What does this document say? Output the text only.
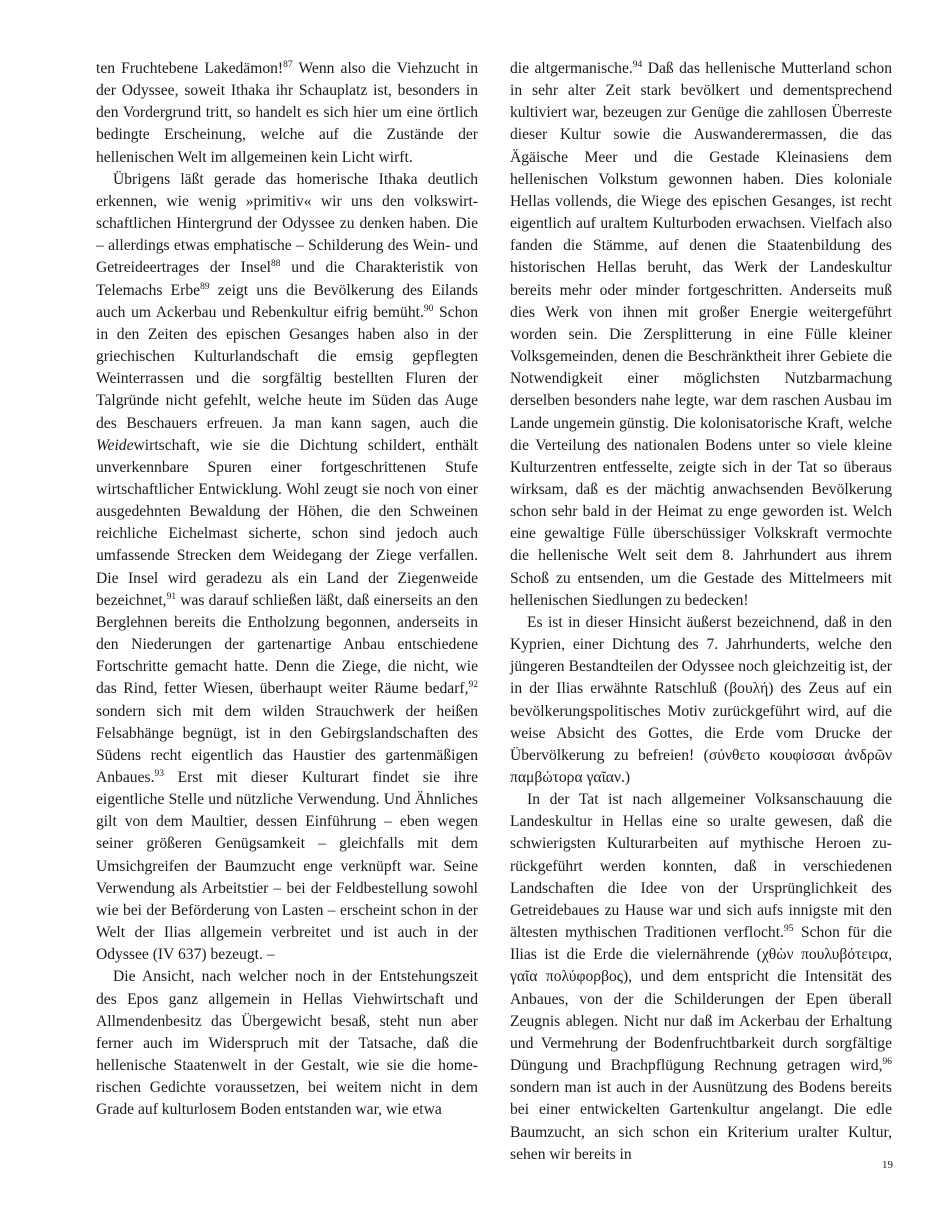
ten Fruchtebene Lakedämon!$^{87}$ Wenn also die Viehzucht in der Odyssee, soweit Ithaka ihr Schauplatz ist, besonders in den Vordergrund tritt, so handelt es sich hier um eine örtlich bedingte Erscheinung, welche auf die Zustände der hellenischen Welt im allgemeinen kein Licht wirft.

Übrigens läßt gerade das homerische Ithaka deutlich erkennen, wie wenig »primitiv« wir uns den volkswirtschaftlichen Hintergrund der Odyssee zu denken haben. Die – allerdings etwas emphatische – Schilderung des Wein- und Getreideertrages der Insel$^{88}$ und die Charakteristik von Telemachs Erbe$^{89}$ zeigt uns die Bevölkerung des Eilands auch um Ackerbau und Rebenkultur eifrig bemüht.$^{90}$ Schon in den Zeiten des epischen Gesanges haben also in der griechischen Kulturlandschaft die emsig gepflegten Weinterrassen und die sorgfältig bestellten Fluren der Talgründe nicht gefehlt, welche heute im Süden das Auge des Beschauers erfreuen. Ja man kann sagen, auch die Weidewirtschaft, wie sie die Dichtung schildert, enthält unverkennbare Spuren einer fortgeschrittenen Stufe wirtschaftlicher Entwicklung. Wohl zeugt sie noch von einer ausgedehnten Bewaldung der Höhen, die den Schweinen reichliche Eichelmast sicherte, schon sind jedoch auch umfassende Strecken dem Weidegang der Ziege verfallen. Die Insel wird geradezu als ein Land der Ziegenweide bezeichnet,$^{91}$ was darauf schließen läßt, daß einerseits an den Berglehnen bereits die Entholzung begonnen, anderseits in den Niederungen der gartenartige Anbau entschiedene Fortschritte gemacht hatte. Denn die Ziege, die nicht, wie das Rind, fetter Wiesen, überhaupt weiter Räume bedarf,$^{92}$ sondern sich mit dem wilden Strauchwerk der heißen Felsabhänge begnügt, ist in den Gebirgslandschaften des Südens recht eigentlich das Haustier des gartenmäßigen Anbaues.$^{93}$ Erst mit dieser Kulturart findet sie ihre eigentliche Stelle und nützliche Verwendung. Und Ähnliches gilt von dem Maultier, dessen Einführung – eben wegen seiner größeren Genügsamkeit – gleichfalls mit dem Umsichgreifen der Baumzucht enge verknüpft war. Seine Verwendung als Arbeitstier – bei der Feldbestellung sowohl wie bei der Beförderung von Lasten – erscheint schon in der Welt der Ilias allgemein verbreitet und ist auch in der Odyssee (IV 637) bezeugt. –

Die Ansicht, nach welcher noch in der Entstehungszeit des Epos ganz allgemein in Hellas Viehwirtschaft und Allmendenbesitz das Übergewicht besaß, steht nun aber ferner auch im Widerspruch mit der Tatsache, daß die hellenische Staatenwelt in der Gestalt, wie sie die homerischen Gedichte voraussetzen, bei weitem nicht in dem Grade auf kulturlosem Boden entstanden war, wie etwa

die altgermanische.$^{94}$ Daß das hellenische Mutterland schon in sehr alter Zeit stark bevölkert und dementsprechend kultiviert war, bezeugen zur Genüge die zahllosen Überreste dieser Kultur sowie die Auswanderermassen, die das Ägäische Meer und die Gestade Kleinasiens dem hellenischen Volkstum gewonnen haben. Dies koloniale Hellas vollends, die Wiege des epischen Gesanges, ist recht eigentlich auf uraltem Kulturboden erwachsen. Vielfach also fanden die Stämme, auf denen die Staatenbildung des historischen Hellas beruht, das Werk der Landeskultur bereits mehr oder minder fortgeschritten. Anderseits muß dies Werk von ihnen mit großer Energie weitergeführt worden sein. Die Zersplitterung in eine Fülle kleiner Volksgemeinden, denen die Beschränktheit ihrer Gebiete die Notwendigkeit einer möglichsten Nutzbarmachung derselben besonders nahe legte, war dem raschen Ausbau im Lande ungemein günstig. Die kolonisatorische Kraft, welche die Verteilung des nationalen Bodens unter so viele kleine Kulturzentren entfesselte, zeigte sich in der Tat so überaus wirksam, daß es der mächtig anwachsenden Bevölkerung schon sehr bald in der Heimat zu enge geworden ist. Welch eine gewaltige Fülle überschüssiger Volkskraft vermochte die hellenische Welt seit dem 8. Jahrhundert aus ihrem Schoß zu entsenden, um die Gestade des Mittelmeers mit hellenischen Siedlungen zu bedecken!

Es ist in dieser Hinsicht äußerst bezeichnend, daß in den Kyprien, einer Dichtung des 7. Jahrhunderts, welche den jüngeren Bestandteilen der Odyssee noch gleichzeitig ist, der in der Ilias erwähnte Ratschluß (βουλή) des Zeus auf ein bevölkerungspolitisches Motiv zurückgeführt wird, auf die weise Absicht des Gottes, die Erde vom Drucke der Übervölkerung zu befreien! (σύνθετο κουφίσσαι ἀνδρῶν παμβώτορα γαῖαν.)

In der Tat ist nach allgemeiner Volksanschauung die Landeskultur in Hellas eine so uralte gewesen, daß die schwierigsten Kulturarbeiten auf mythische Heroen zurückgeführt werden konnten, daß in verschiedenen Landschaften die Idee von der Ursprünglichkeit des Getreidebaues zu Hause war und sich aufs innigste mit den ältesten mythischen Traditionen verflocht.$^{95}$ Schon für die Ilias ist die Erde die vielernährende (χθὼν πουλυβότειρα, γαῖα πολύφορβος), und dem entspricht die Intensität des Anbaues, von der die Schilderungen der Epen überall Zeugnis ablegen. Nicht nur daß im Ackerbau der Erhaltung und Vermehrung der Bodenfruchtbarkeit durch sorgfältige Düngung und Brachpflügung Rechnung getragen wird,$^{96}$ sondern man ist auch in der Ausnützung des Bodens bereits bei einer entwickelten Gartenkultur angelangt. Die edle Baumzucht, an sich schon ein Kriterium uralter Kultur, sehen wir bereits in

19
